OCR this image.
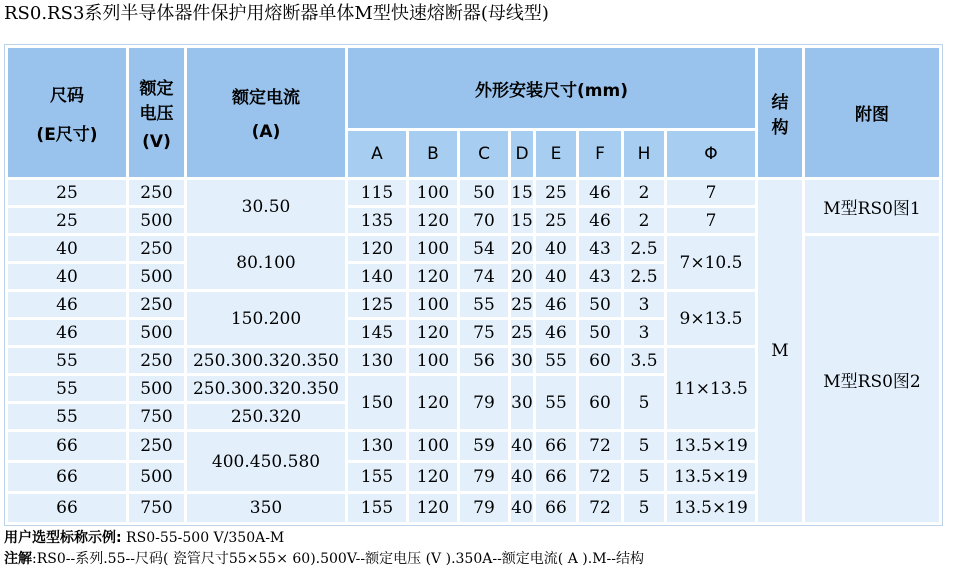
RS0.RS3系列半导体器件保护用熔断器单体M型快速熔断器(母线型)
尺码
(E尺寸)	额定
电压
(V)	额定电流
(A)	外形安装尺寸(mm)								结
构	附图
			A	B	C	D	E	F	H	Φ		
25	250	30.50	115	100	50	15	25	46	2	7	M	M型RS0图1
25	500		135	120	70	15	25	46	2	7		
40	250	80.100	120	100	54	20	40	43	2.5	7×10.5		M型RS0图2
40	500		140	120	74	20	40	43	2.5			
46	250	150.200	125	100	55	25	46	50	3	9×13.5		
46	500		145	120	75	25	46	50	3			
55	250	250.300.320.350	130	100	56	30	55	60	3.5	11×13.5		
55	500	250.300.320.350	150	120	79	30	55	60	5			
55	750	250.320										
66	250	400.450.580	130	100	59	40	66	72	5	13.5×19		
66	500		155	120	79	40	66	72	5	13.5×19		
66	750	350	155	120	79	40	66	72	5	13.5×19		
用户选型标称示例: RS0-55-500 V/350A-M
注解:RS0--系列.55--尺码( 瓷管尺寸55×55× 60).500V--额定电压 (V ).350A--额定电流( A ).M--结构
